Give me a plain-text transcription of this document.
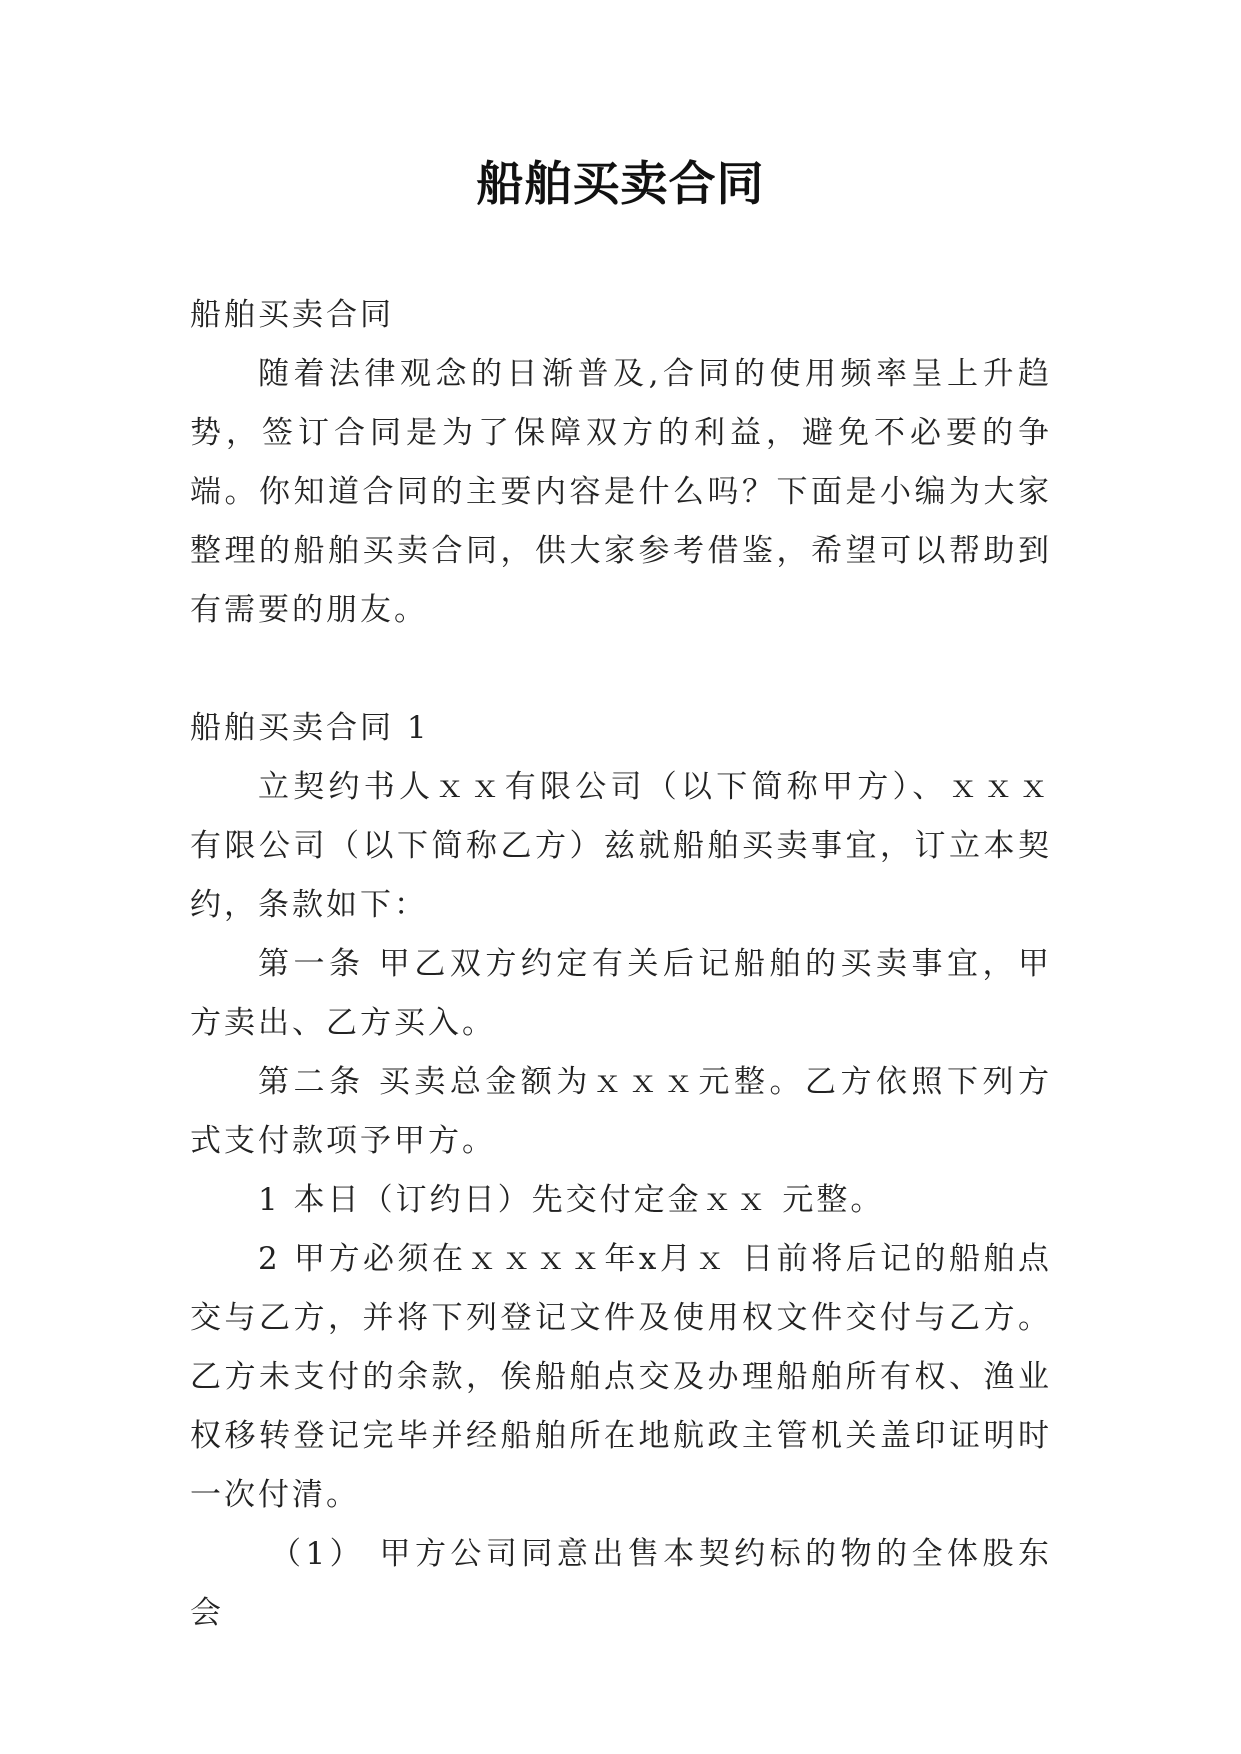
船舶买卖合同

船舶买卖合同

随着法律观念的日渐普及,合同的使用频率呈上升趋势，签订合同是为了保障双方的利益，避免不必要的争端。你知道合同的主要内容是什么吗？下面是小编为大家整理的船舶买卖合同，供大家参考借鉴，希望可以帮助到有需要的朋友。

船舶买卖合同 1

立契约书人ｘｘ有限公司（以下简称甲方）、ｘｘｘ有限公司（以下简称乙方）兹就船舶买卖事宜，订立本契约，条款如下：

第一条 甲乙双方约定有关后记船舶的买卖事宜，甲方卖出、乙方买入。

第二条 买卖总金额为ｘｘｘ元整。乙方依照下列方式支付款项予甲方。

1 本日（订约日）先交付定金ｘｘ 元整。

2 甲方必须在ｘｘｘｘ年x月ｘ 日前将后记的船舶点交与乙方，并将下列登记文件及使用权文件交付与乙方。乙方未支付的余款，俟船舶点交及办理船舶所有权、渔业权移转登记完毕并经船舶所在地航政主管机关盖印证明时一次付清。

（1） 甲方公司同意出售本契约标的物的全体股东会
